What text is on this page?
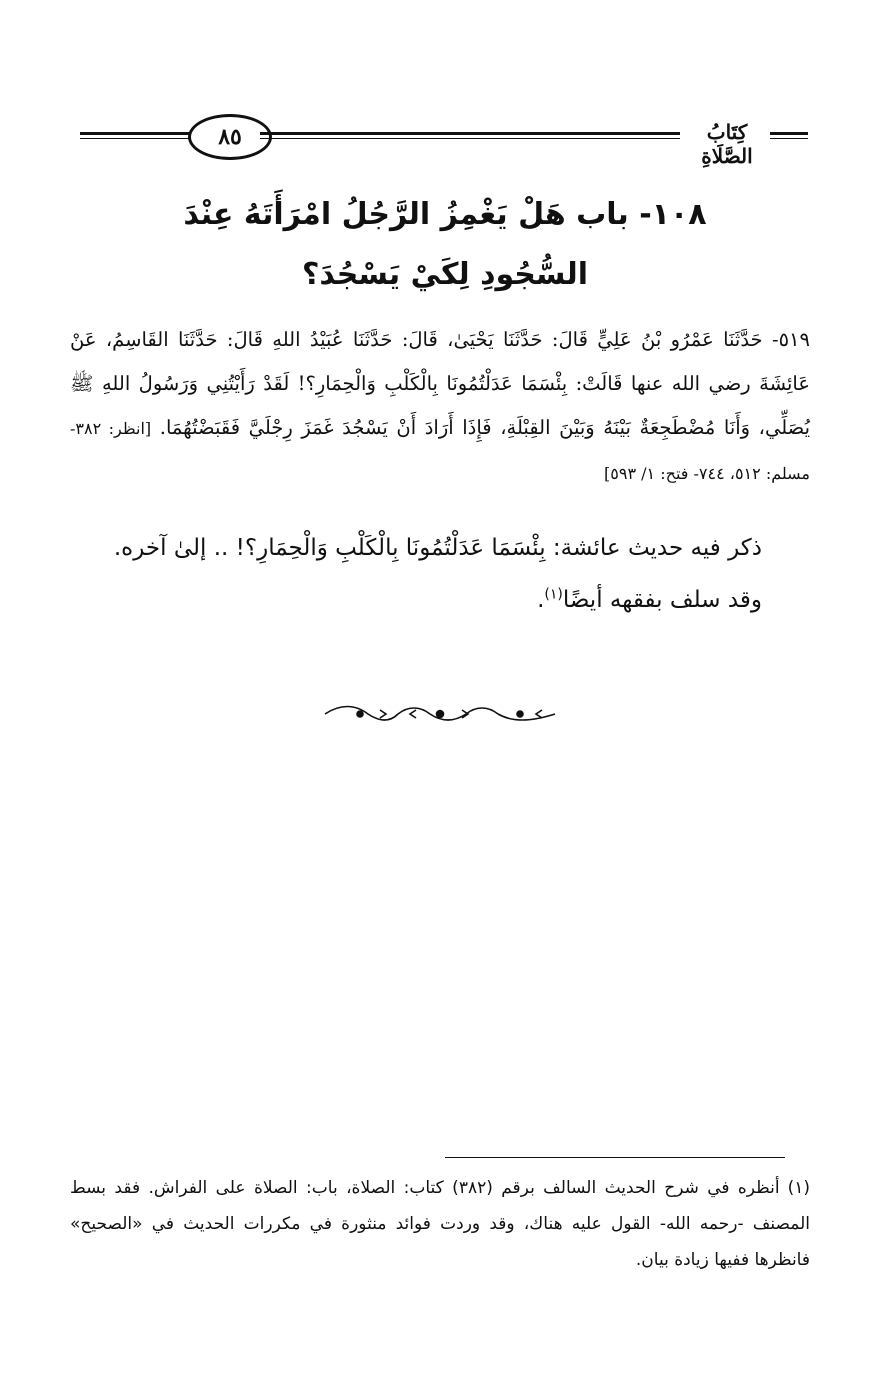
٨٥	كِتَابُ الصَّلَاةِ
١٠٨- باب هَلْ يَغْمِزُ الرَّجُلُ امْرَأَتَهُ عِنْدَ
السُّجُودِ لِكَيْ يَسْجُدَ؟
٥١٩- حَدَّثَنَا عَمْرُو بْنُ عَلِيٍّ قَالَ: حَدَّثَنَا يَحْيَىٰ، قَالَ: حَدَّثَنَا عُبَيْدُ اللهِ قَالَ: حَدَّثَنَا القَاسِمُ، عَنْ عَائِشَةَ رضي الله عنها قَالَتْ: بِئْسَمَا عَدَلْتُمُونَا بِالْكَلْبِ وَالْحِمَارِ؟! لَقَدْ رَأَيْتُنِي وَرَسُولُ اللهِ ﷺ يُصَلِّي، وَأَنَا مُضْطَجِعَةٌ بَيْنَهُ وَبَيْنَ القِبْلَةِ، فَإِذَا أَرَادَ أَنْ يَسْجُدَ غَمَزَ رِجْلَيَّ فَقَبَضْتُهُمَا. [انظر: ٣٨٢- مسلم: ٥١٢، ٧٤٤- فتح: ١/ ٥٩٣]

ذكر فيه حديث عائشة: بِئْسَمَا عَدَلْتُمُونَا بِالْكَلْبِ وَالْحِمَارِ؟! .. إلىٰ آخره.

وقد سلف بفقهه أيضًا$^{(١)}$.

(١)أنظره في شرح الحديث السالف برقم (٣٨٢) كتاب: الصلاة، باب: الصلاة على الفراش. فقد بسط المصنف -رحمه الله- القول عليه هناك، وقد وردت فوائد منثورة في مكررات الحديث في «الصحيح» فانظرها ففيها زيادة بيان.
